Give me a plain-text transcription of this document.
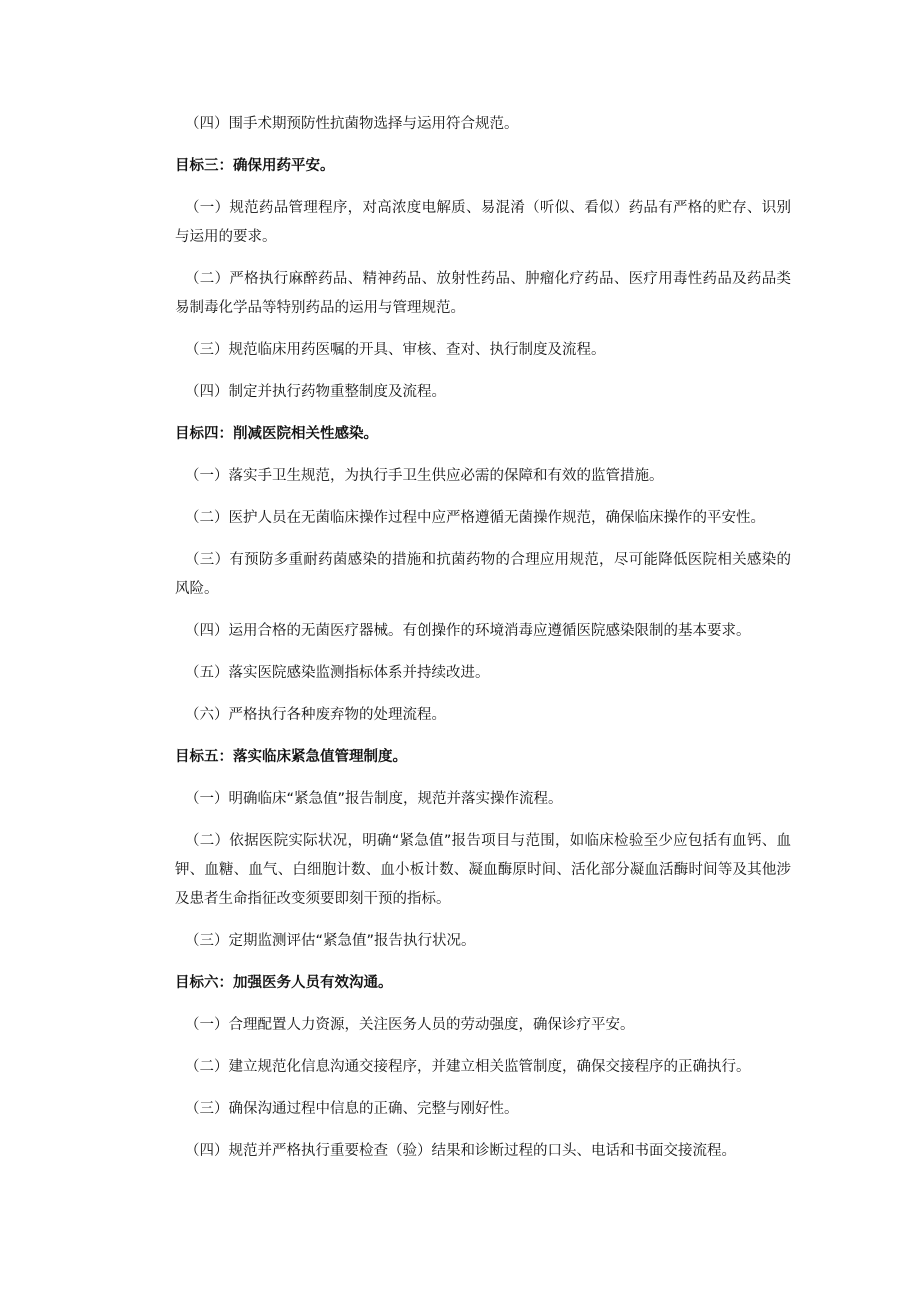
（四）围手术期预防性抗菌物选择与运用符合规范。

目标三：确保用药平安。

（一）规范药品管理程序，对高浓度电解质、易混淆（听似、看似）药品有严格的贮存、识别与运用的要求。

（二）严格执行麻醉药品、精神药品、放射性药品、肿瘤化疗药品、医疗用毒性药品及药品类易制毒化学品等特别药品的运用与管理规范。

（三）规范临床用药医嘱的开具、审核、查对、执行制度及流程。

（四）制定并执行药物重整制度及流程。

目标四：削减医院相关性感染。

（一）落实手卫生规范，为执行手卫生供应必需的保障和有效的监管措施。

（二）医护人员在无菌临床操作过程中应严格遵循无菌操作规范，确保临床操作的平安性。

（三）有预防多重耐药菌感染的措施和抗菌药物的合理应用规范，尽可能降低医院相关感染的风险。

（四）运用合格的无菌医疗器械。有创操作的环境消毒应遵循医院感染限制的基本要求。

（五）落实医院感染监测指标体系并持续改进。

（六）严格执行各种废弃物的处理流程。

目标五：落实临床紧急值管理制度。

（一）明确临床“紧急值”报告制度，规范并落实操作流程。

（二）依据医院实际状况，明确“紧急值”报告项目与范围，如临床检验至少应包括有血钙、血钾、血糖、血气、白细胞计数、血小板计数、凝血酶原时间、活化部分凝血活酶时间等及其他涉及患者生命指征改变须要即刻干预的指标。

（三）定期监测评估“紧急值”报告执行状况。

目标六：加强医务人员有效沟通。

（一）合理配置人力资源，关注医务人员的劳动强度，确保诊疗平安。

（二）建立规范化信息沟通交接程序，并建立相关监管制度，确保交接程序的正确执行。

（三）确保沟通过程中信息的正确、完整与刚好性。

（四）规范并严格执行重要检查（验）结果和诊断过程的口头、电话和书面交接流程。
